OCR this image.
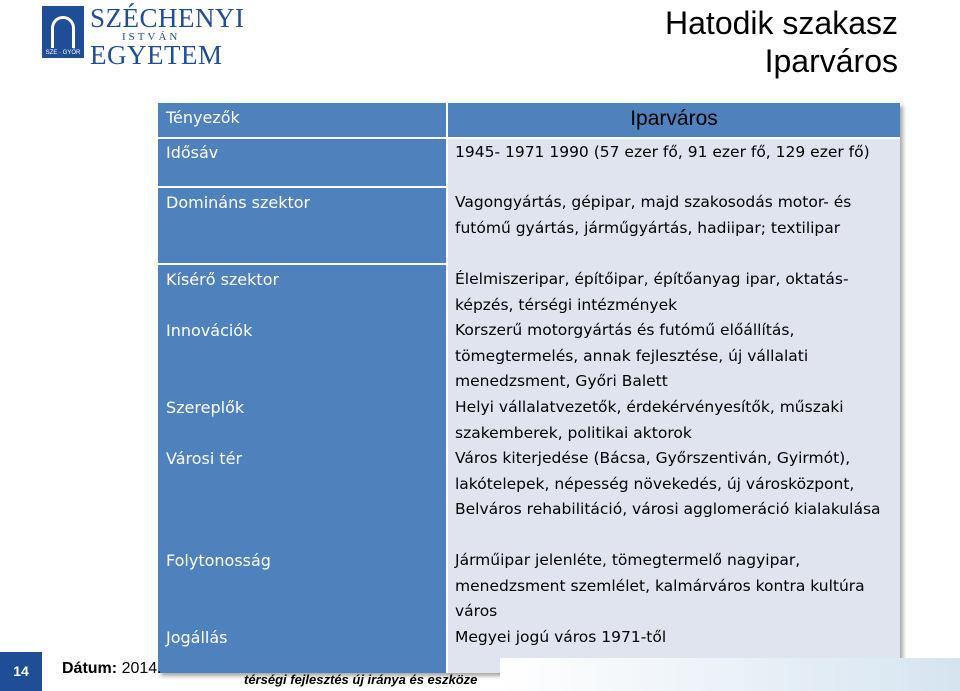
SZE · GYŐR
SZÉCHENYI
ISTVÁN
EGYETEM
Hatodik szakasz
Iparváros
Tényezők	Iparváros
Idősáv	1945- 1971 1990 (57 ezer fő, 91 ezer fő, 129 ezer fő)
Domináns szektor	Vagongyártás, gépipar, majd szakosodás motor- és futómű gyártás, járműgyártás, hadiipar; textilipar
Kísérő szektor	Élelmiszeripar, építőipar, építőanyag ipar, oktatás-képzés, térségi intézmények
Innovációk	Korszerű motorgyártás és futómű előállítás, tömegtermelés, annak fejlesztése, új vállalati menedzsment, Győri Balett
Szereplők	Helyi vállalatvezetők, érdekérvényesítők, műszaki szakemberek, politikai aktorok
Városi tér	Város kiterjedése (Bácsa, Győrszentiván, Gyirmót), lakótelepek, népesség növekedés, új városközpont, Belváros rehabilitáció, városi agglomeráció kialakulása
Folytonosság	Járműipar jelenléte, tömegtermelő nagyipar, menedzsment szemlélet, kalmárváros kontra kultúra város
Jogállás	Megyei jogú város 1971-től
14	Dátum: 2014.
térségi fejlesztés új iránya és eszköze
